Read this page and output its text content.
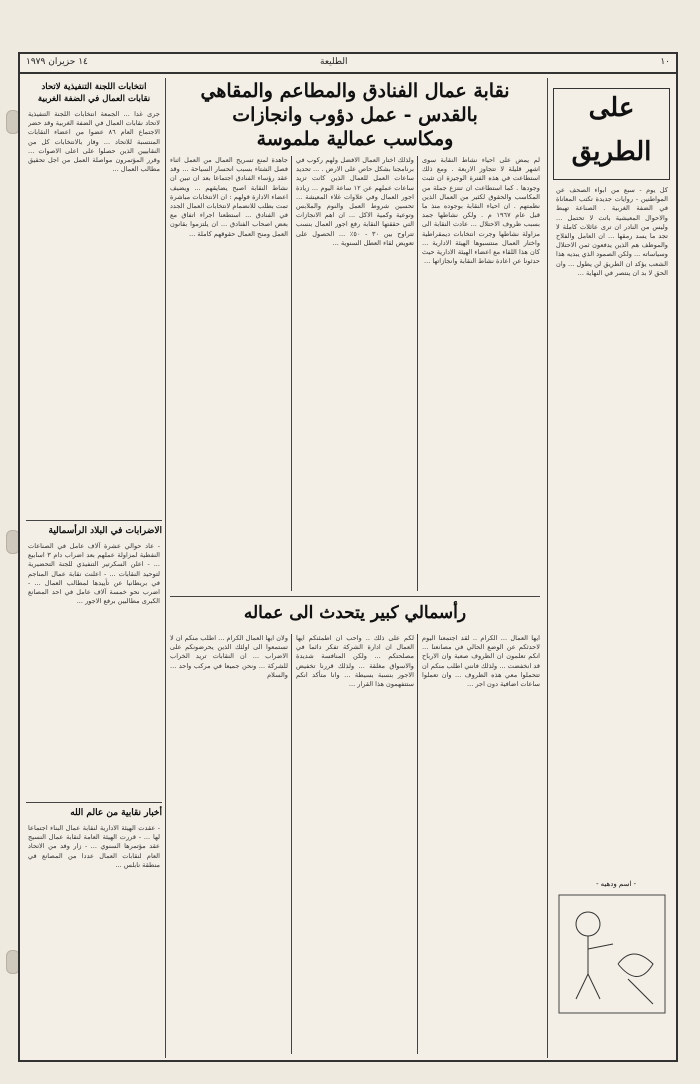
١٠
الطليعة
١٤ حزيران ١٩٧٩
على
الطريق
كل يوم - سبع من ابواء الصحف عن المواطنين - روايات جديدة تكتب المعاناة في الضفة الغربية . الصناعة تهبط والاحوال المعيشية باتت لا تحتمل ... وليس من النادر ان ترى عائلات كاملة لا تجد ما يسد رمقها ... ان العامل والفلاح والموظف هم الذين يدفعون ثمن الاحتلال وسياساته ... ولكن الصمود الذي يبديه هذا الشعب يؤكد ان الطريق لن يطول ... وان الحق لا بد ان ينتصر في النهاية ...
- اسم ودهيه -
نقابة عمال الفنادق والمطاعم والمقاهي
بالقدس - عمل دؤوب وانجازات
ومكاسب عمالية ملموسة
لم يمض على احياء نشاط النقابة سوى اشهر قليلة لا تتجاوز الاربعة . ومع ذلك استطاعت في هذه الفترة الوجيزة ان تثبت وجودها . كما استطاعت ان تنتزع جملة من المكاسب والحقوق لكثير من العمال الذين نظمتهم . ان احياء النقابة بوجوده منذ ما قبل عام ١٩٦٧ م . ولكن نشاطها جمد بسبب ظروف الاحتلال ... عادت النقابة الى مزاولة نشاطها وجرت انتخابات ديمقراطية واختار العمال منتسبوها الهيئة الادارية ... كان هذا اللقاء مع اعضاء الهيئة الادارية حيث حدثونا عن اعادة نشاط النقابة وانجازاتها ...
ولذلك اختار العمال الافضل ولهم ركوب في برنامجنا بشكل حاص على الارض . ... تحديد ساعات العمل للعمال الذين كانت تزيد ساعات عملهم عن ١٢ ساعة اليوم ... زيادة اجور العمال وفي علاوات غلاء المعيشة ... تحسين شروط العمل والنوم والملابس وتوعية وكمية الاكل ... ان اهم الانجازات التي حققتها النقابة رفع اجور العمال بنسب تتراوح بين ٣٠ - ٥٠٪ ... الحصول على تعويض لقاء العطل السنوية ...
جاهدة لمنع تسريح العمال من العمل اثناء فصل الشتاء بسبب انحسار السياحة ... وقد عقد رؤساء الفنادق اجتماعا بعد ان تبين ان نشاط النقابة اصبح يضايقهم ... ويضيف اعضاء الادارة قولهم : ان الانتخابات مباشرة تمت بطلب للانضمام لانتخابات العمال الجدد في الفنادق ... استطعنا اجراء اتفاق مع بعض اصحاب الفنادق ... ان يلتزموا بقانون العمل ومنح العمال حقوقهم كاملة ...
رأسمالي كبير يتحدث الى عماله
ايها العمال ... الكرام .. لقد اجتمعنا اليوم لاحدثكم عن الوضع الحالي في مصانعنا ... انكم تعلمون ان الظروف صعبة وان الارباح قد انخفضت ... ولذلك فانني اطلب منكم ان تتحملوا معي هذه الظروف ... وان تعملوا ساعات اضافية دون اجر ...
لكم على ذلك .. واحب ان اطمئنكم ايها العمال ان ادارة الشركة تفكر دائما في مصلحتكم ... ولكن المنافسة شديدة والاسواق مغلقة ... ولذلك قررنا تخفيض الاجور بنسبة بسيطة ... وانا متأكد انكم ستتفهمون هذا القرار ...
ولان ايها العمال الكرام ... اطلب منكم ان لا تستمعوا الى اولئك الذين يحرضونكم على الاضراب ... ان النقابات تريد الخراب للشركة ... ونحن جميعا في مركب واحد ... والسلام
انتخابات اللجنة التنفيذية لاتحاد
نقابات العمال في الضفة الغربية
جرى غدا ... الجمعة انتخابات اللجنة التنفيذية لاتحاد نقابات العمال في الضفة الغربية وقد حضر الاجتماع العام ٨٦ عضوا من اعضاء النقابات المنتسبة للاتحاد ... وفاز بالانتخابات كل من النقابيين الذين حصلوا على اعلى الاصوات ... وقرر المؤتمرون مواصلة العمل من اجل تحقيق مطالب العمال ...
الاضرابات في البلاد الرأسمالية
- عاد حوالي عشرة آلاف عامل في الصناعات النفطية لمزاولة عملهم بعد اضراب دام ٣ اسابيع ... - اعلن السكرتير التنفيذي للجنة التحضيرية لتوحيد النقابات ... - اعلنت نقابة عمال المناجم في بريطانيا عن تأييدها لمطالب العمال ... - اضرب نحو خمسة آلاف عامل في احد المصانع الكبرى مطالبين برفع الاجور ...
أخبار نقابية من عالم الله
- عقدت الهيئة الادارية لنقابة عمال البناء اجتماعا لها ... - قررت الهيئة العامة لنقابة عمال النسيج عقد مؤتمرها السنوي ... - زار وفد من الاتحاد العام لنقابات العمال عددا من المصانع في منطقة نابلس ...
